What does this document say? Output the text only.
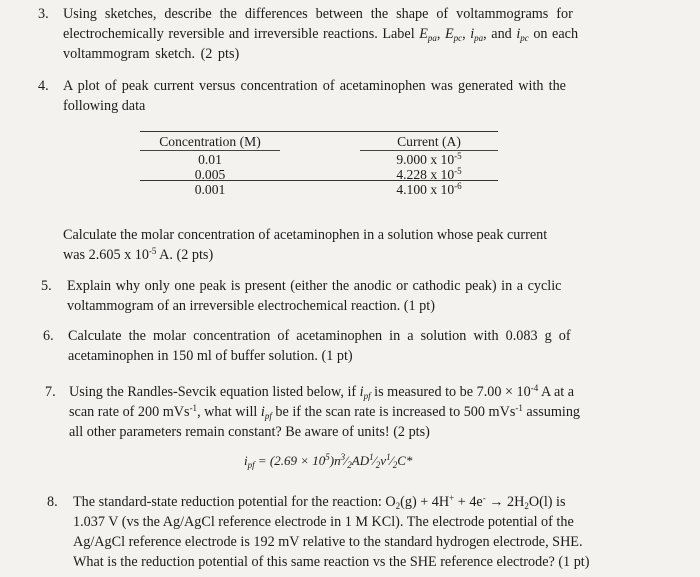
3. Using sketches, describe the differences between the shape of voltammograms for
electrochemically reversible and irreversible reactions. Label $E_{pa}$, $E_{pc}$, $i_{pa}$, and $i_{pc}$ on each
voltammogram sketch. (2 pts)
4. A plot of peak current versus concentration of acetaminophen was generated with the
following data
Concentration (M)
0.01
0.005
0.001
Current (A)
9.000 x $10^{-5}$
4.228 x $10^{-5}$
4.100 x $10^{-6}$
Calculate the molar concentration of acetaminophen in a solution whose peak current
was 2.605 x $10^{-5}$ A. (2 pts)
5. Explain why only one peak is present (either the anodic or cathodic peak) in a cyclic
voltammogram of an irreversible electrochemical reaction. (1 pt)
6. Calculate the molar concentration of acetaminophen in a solution with 0.083 g of
acetaminophen in 150 ml of buffer solution. (1 pt)
7. Using the Randles-Sevcik equation listed below, if $i_{pf}$ is measured to be $7.00 \times 10^{-4}$ A at a
scan rate of 200 mVs$^{-1}$, what will $i_{pf}$ be if the scan rate is increased to 500 mVs$^{-1}$ assuming
all other parameters remain constant? Be aware of units! (2 pts)
$i_{pf} = (2.69$ × $10^5)n^3⁄_2AD^1⁄_2v^1⁄_2C*$
8. The standard-state reduction potential for the reaction: $O_2(g) + 4H^+ + 4e^- \to 2H_2O(l)$ is
1.037 V (vs the Ag/AgCl reference electrode in 1 M KCl). The electrode potential of the
Ag/AgCl reference electrode is 192 mV relative to the standard hydrogen electrode, SHE.
What is the reduction potential of this same reaction vs the SHE reference electrode? (1 pt)
